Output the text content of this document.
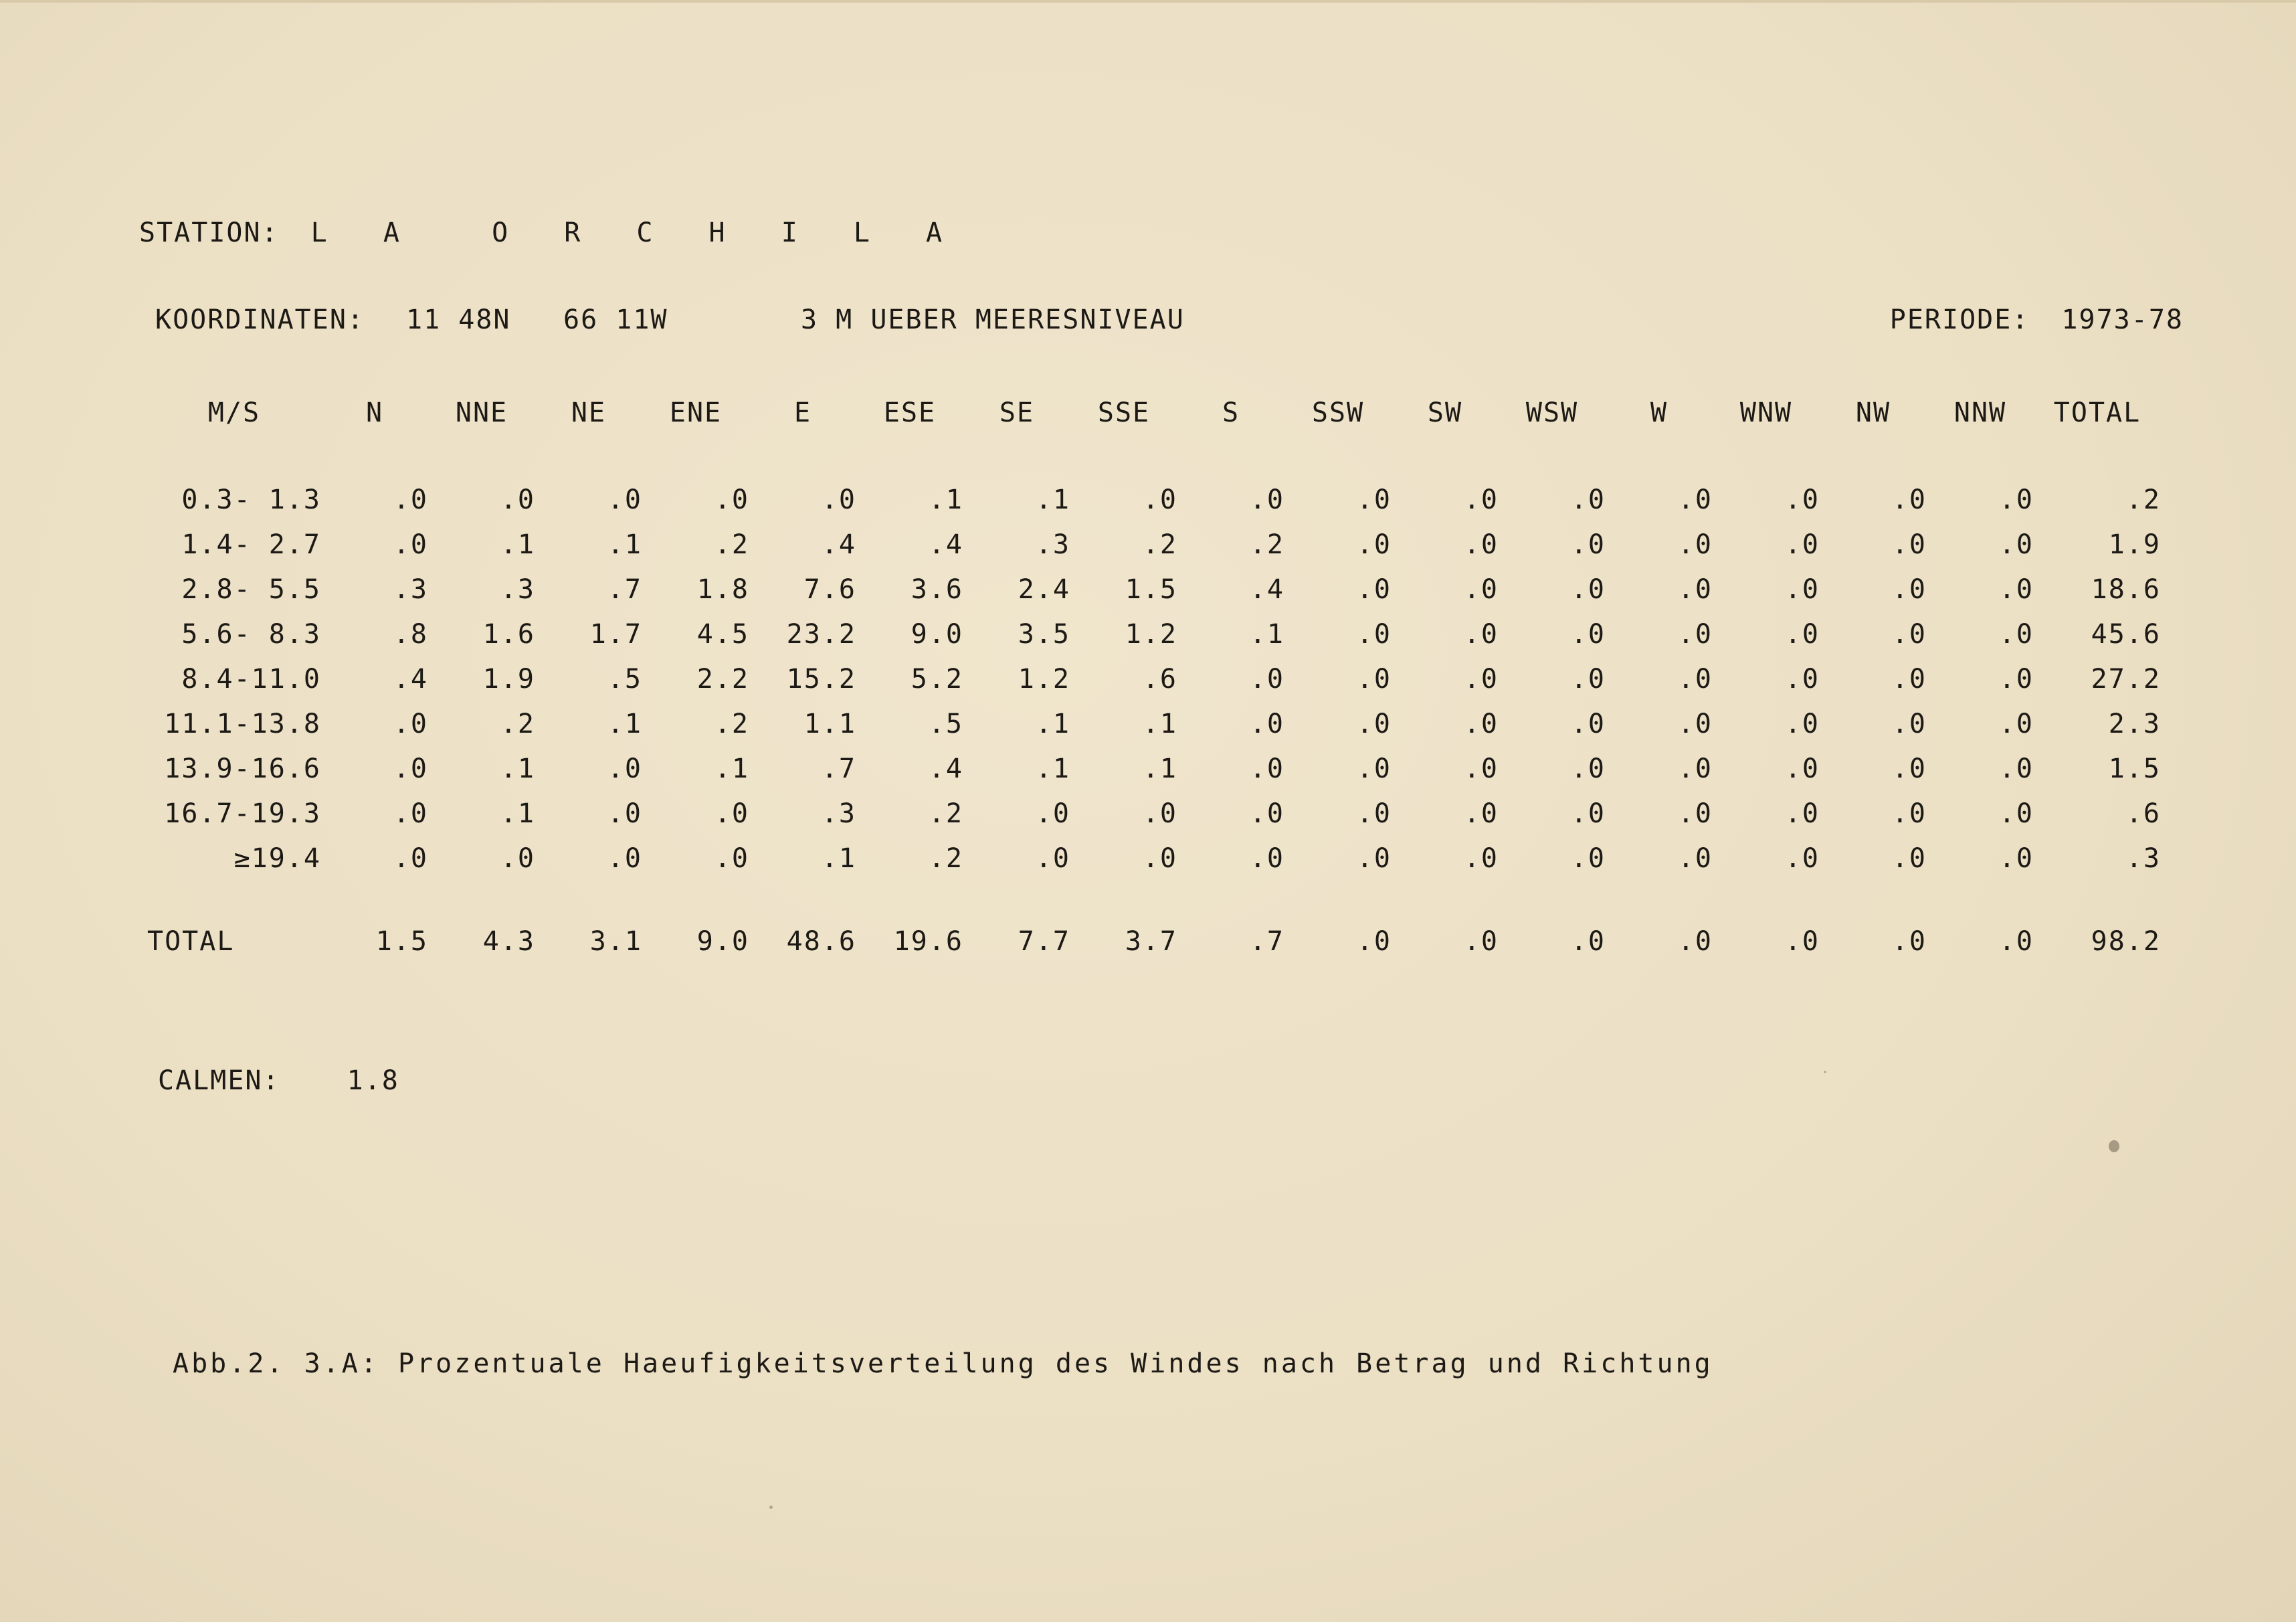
STATION: L A  O R C H I L A

KOORDINATEN:

11 48N

66 11W

	3 M UEBER MEERESNIVEAU	PERIODE: 1973-78
M/S	N	NNE	NE	ENE	E	ESE	SE	SSE	S	SSW	SW	WSW	W	WNW	NW	NNW	TOTAL

0.3- 1.3	.0	.0	.0	.0	.0	.1	.1	.0	.0	.0	.0	.0	.0	.0	.0	.0	.2
1.4- 2.7	.0	.1	.1	.2	.4	.4	.3	.2	.2	.0	.0	.0	.0	.0	.0	.0	1.9
2.8- 5.5	.3	.3	.7	1.8	7.6	3.6	2.4	1.5	.4	.0	.0	.0	.0	.0	.0	.0	18.6
5.6- 8.3	.8	1.6	1.7	4.5	23.2	9.0	3.5	1.2	.1	.0	.0	.0	.0	.0	.0	.0	45.6
8.4-11.0	.4	1.9	.5	2.2	15.2	5.2	1.2	.6	.0	.0	.0	.0	.0	.0	.0	.0	27.2
11.1-13.8	.0	.2	.1	.2	1.1	.5	.1	.1	.0	.0	.0	.0	.0	.0	.0	.0	2.3
13.9-16.6	.0	.1	.0	.1	.7	.4	.1	.1	.0	.0	.0	.0	.0	.0	.0	.0	1.5
16.7-19.3	.0	.1	.0	.0	.3	.2	.0	.0	.0	.0	.0	.0	.0	.0	.0	.0	.6
≥19.4	.0	.0	.0	.0	.1	.2	.0	.0	.0	.0	.0	.0	.0	.0	.0	.0	.3

TOTAL	1.5	4.3	3.1	9.0	48.6	19.6	7.7	3.7	.7	.0	.0	.0	.0	.0	.0	.0	98.2
CALMEN:	1.8
Abb.2. 3.A: Prozentuale Haeufigkeitsverteilung des Windes nach Betrag und Richtung
